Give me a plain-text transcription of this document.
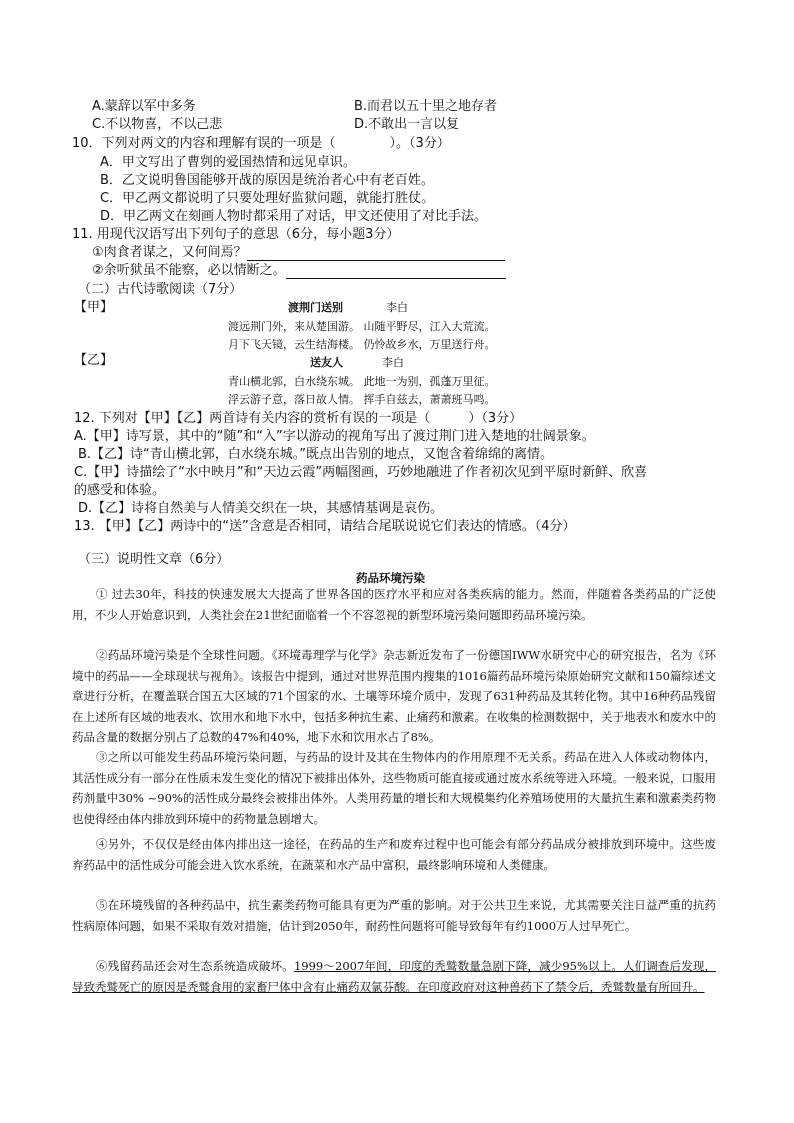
A.蒙辞以军中多务	B.而君以五十里之地存者
C.不以物喜，不以己悲	D.不敢出一言以复
10．下列对两文的内容和理解有误的一项是（	）。（3分）
A．甲文写出了曹刿的爱国热情和远见卓识。
B．乙文说明鲁国能够开战的原因是统治者心中有老百姓。
C．甲乙两文都说明了只要处理好监狱问题，就能打胜仗。
D．甲乙两文在刻画人物时都采用了对话，甲文还使用了对比手法。
11. 用现代汉语写出下列句子的意思（6分，每小题3分）
①肉食者谋之，又何间焉？
②余听狱虽不能察，必以情断之。
（二）古代诗歌阅读（7分）
【甲】	渡荆门送别	李白
渡远荆门外，来从楚国游。 山随平野尽，江入大荒流。
月下飞天镜，云生结海楼。 仍怜故乡水，万里送行舟。
【乙】	送友人	李白
青山横北郭，白水绕东城。 此地一为别，孤蓬万里征。
浮云游子意，落日故人情。 挥手自兹去，萧萧班马鸣。
12. 下列对【甲】【乙】两首诗有关内容的赏析有误的一项是（	）（3分）
A.【甲】诗写景，其中的“随”和“入”字以游动的视角写出了渡过荆门进入楚地的壮阔景象。
B.【乙】诗“青山横北郭，白水绕东城。”既点出告别的地点，又饱含着绵绵的离情。
C.【甲】诗描绘了“水中映月”和“天边云霞”两幅图画，巧妙地融进了作者初次见到平原时新鲜、欣喜
的感受和体验。
D.【乙】诗将自然美与人情美交织在一块，其感情基调是哀伤。
13. 【甲】【乙】两诗中的“送”含意是否相同，请结合尾联说说它们表达的情感。（4分）
（三）说明性文章（6分）
药品环境污染
① 过去30年，科技的快速发展大大提高了世界各国的医疗水平和应对各类疾病的能力。然而，伴随着各类药品的广泛使用，不少人开始意识到，人类社会在21世纪面临着一个不容忽视的新型环境污染问题即药品环境污染。
②药品环境污染是个全球性问题。《环境毒理学与化学》杂志新近发布了一份德国IWW水研究中心的研究报告，名为《环境中的药品——全球现状与视角》。该报告中提到，通过对世界范围内搜集的1016篇药品环境污染原始研究文献和150篇综述文章进行分析，在覆盖联合国五大区域的71个国家的水、土壤等环境介质中，发现了631种药品及其转化物。其中16种药品残留在上述所有区域的地表水、饮用水和地下水中，包括多种抗生素、止痛药和激素。在收集的检测数据中，关于地表水和废水中的药品含量的数据分别占了总数的47%和40%，地下水和饮用水占了8%。
③之所以可能发生药品环境污染问题，与药品的设计及其在生物体内的作用原理不无关系。药品在进入人体或动物体内，其活性成分有一部分在性质未发生变化的情况下被排出体外，这些物质可能直接或通过废水系统等进入环境。一般来说，口服用药剂量中30% ~90%的活性成分最终会被排出体外。人类用药量的增长和大规模集约化养殖场使用的大量抗生素和激素类药物也使得经由体内排放到环境中的药物量急剧增大。
④另外，不仅仅是经由体内排出这一途径，在药品的生产和废弃过程中也可能会有部分药品成分被排放到环境中。这些废弃药品中的活性成分可能会进入饮水系统，在蔬菜和水产品中富积，最终影响环境和人类健康。
⑤在环境残留的各种药品中，抗生素类药物可能具有更为严重的影响。对于公共卫生来说，尤其需要关注日益严重的抗药性病原体问题，如果不采取有效对措施，估计到2050年，耐药性问题将可能导致每年有约1000万人过早死亡。
⑥残留药品还会对生态系统造成破坏。1999～2007年间，印度的秃鹫数量急剧下降，减少95%以上。人们调查后发现，导致秃鹫死亡的原因是秃鹫食用的家畜尸体中含有止痛药双氯芬酸。在印度政府对这种兽药下了禁令后，秃鹫数量有所回升。
